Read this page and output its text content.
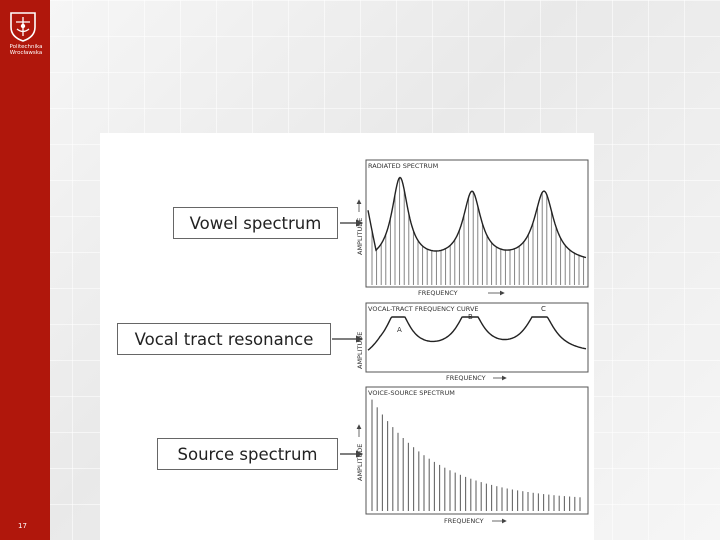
Politechnika
Wrocławska
17
RADIATED SPECTRUM
VOCAL-TRACT FREQUENCY CURVE
VOICE-SOURCE SPECTRUM
AMPLITUDE
AMPLITUDE
AMPLITUDE
FREQUENCY
FREQUENCY
FREQUENCY
A
B
C
Vowel spectrum
Vocal tract resonance
Source spectrum
